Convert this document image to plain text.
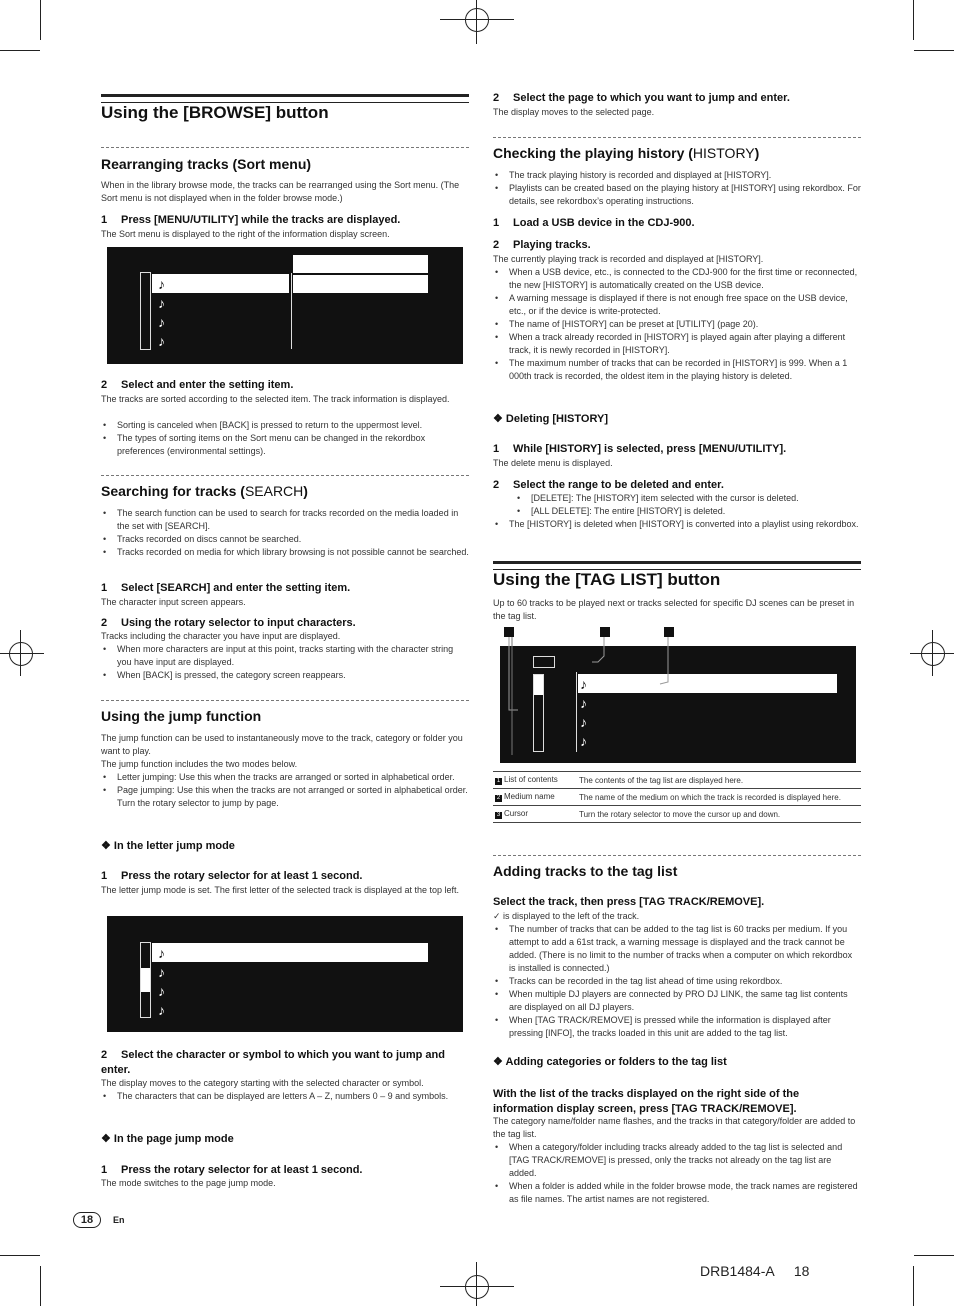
Using the [BROWSE] button
Rearranging tracks (Sort menu)
When in the library browse mode, the tracks can be rearranged using the Sort menu. (The Sort menu is not displayed when in the folder browse mode.)
1 Press [MENU/UTILITY] while the tracks are displayed.
The Sort menu is displayed to the right of the information display screen.
♪
♪
♪
♪
2 Select and enter the setting item.
The tracks are sorted according to the selected item. The track information is displayed.
• Sorting is canceled when [BACK] is pressed to return to the uppermost level.
• The types of sorting items on the Sort menu can be changed in the rekordbox preferences (environmental settings).
Searching for tracks (SEARCH)
• The search function can be used to search for tracks recorded on the media loaded in the set with [SEARCH].
• Tracks recorded on discs cannot be searched.
• Tracks recorded on media for which library browsing is not possible cannot be searched.
1 Select [SEARCH] and enter the setting item.
The character input screen appears.
2 Using the rotary selector to input characters.
Tracks including the character you have input are displayed.
• When more characters are input at this point, tracks starting with the character string you have input are displayed.
• When [BACK] is pressed, the category screen reappears.
Using the jump function
The jump function can be used to instantaneously move to the track, category or folder you want to play.
The jump function includes the two modes below.
• Letter jumping: Use this when the tracks are arranged or sorted in alphabetical order.
• Page jumping: Use this when the tracks are not arranged or sorted in alphabetical order. Turn the rotary selector to jump by page.
❖ In the letter jump mode
1 Press the rotary selector for at least 1 second.
The letter jump mode is set. The first letter of the selected track is displayed at the top left.
♪
♪
♪
♪
2 Select the character or symbol to which you want to jump and enter.
The display moves to the category starting with the selected character or symbol.
• The characters that can be displayed are letters A – Z, numbers 0 – 9 and symbols.
❖ In the page jump mode
1 Press the rotary selector for at least 1 second.
The mode switches to the page jump mode.
18	En
2 Select the page to which you want to jump and enter.
The display moves to the selected page.
Checking the playing history (HISTORY)
• The track playing history is recorded and displayed at [HISTORY].
• Playlists can be created based on the playing history at [HISTORY] using rekordbox. For details, see rekordbox’s operating instructions.
1 Load a USB device in the CDJ-900.
2 Playing tracks.
The currently playing track is recorded and displayed at [HISTORY].
• When a USB device, etc., is connected to the CDJ-900 for the first time or reconnected, the new [HISTORY] is automatically created on the USB device.
• A warning message is displayed if there is not enough free space on the USB device, etc., or if the device is write-protected.
• The name of [HISTORY] can be preset at [UTILITY] (page 20).
• When a track already recorded in [HISTORY] is played again after playing a different track, it is newly recorded in [HISTORY].
• The maximum number of tracks that can be recorded in [HISTORY] is 999. When a 1 000th track is recorded, the oldest item in the playing history is deleted.
❖ Deleting [HISTORY]
1 While [HISTORY] is selected, press [MENU/UTILITY].
The delete menu is displayed.
2 Select the range to be deleted and enter.
• [DELETE]: The [HISTORY] item selected with the cursor is deleted.
• [ALL DELETE]: The entire [HISTORY] is deleted.
• The [HISTORY] is deleted when [HISTORY] is converted into a playlist using rekordbox.
Using the [TAG LIST] button
Up to 60 tracks to be played next or tracks selected for specific DJ scenes can be preset in the tag list.
♪
♪
♪
♪
1 List of contents	The contents of the tag list are displayed here.
2 Medium name	The name of the medium on which the track is recorded is displayed here.
3 Cursor	Turn the rotary selector to move the cursor up and down.
Adding tracks to the tag list
Select the track, then press [TAG TRACK/REMOVE].
✓ is displayed to the left of the track.
• The number of tracks that can be added to the tag list is 60 tracks per medium. If you attempt to add a 61st track, a warning message is displayed and the track cannot be added. (There is no limit to the number of tracks when a computer on which rekordbox is installed is connected.)
• Tracks can be recorded in the tag list ahead of time using rekordbox.
• When multiple DJ players are connected by PRO DJ LINK, the same tag list contents are displayed on all DJ players.
• When [TAG TRACK/REMOVE] is pressed while the information is displayed after pressing [INFO], the tracks loaded in this unit are added to the tag list.
❖ Adding categories or folders to the tag list
With the list of the tracks displayed on the right side of the information display screen, press [TAG TRACK/REMOVE].
The category name/folder name flashes, and the tracks in that category/folder are added to the tag list.
• When a category/folder including tracks already added to the tag list is selected and [TAG TRACK/REMOVE] is pressed, only the tracks not already on the tag list are added.
• When a folder is added while in the folder browse mode, the track names are registered as file names. The artist names are not registered.
DRB1484-A 18
